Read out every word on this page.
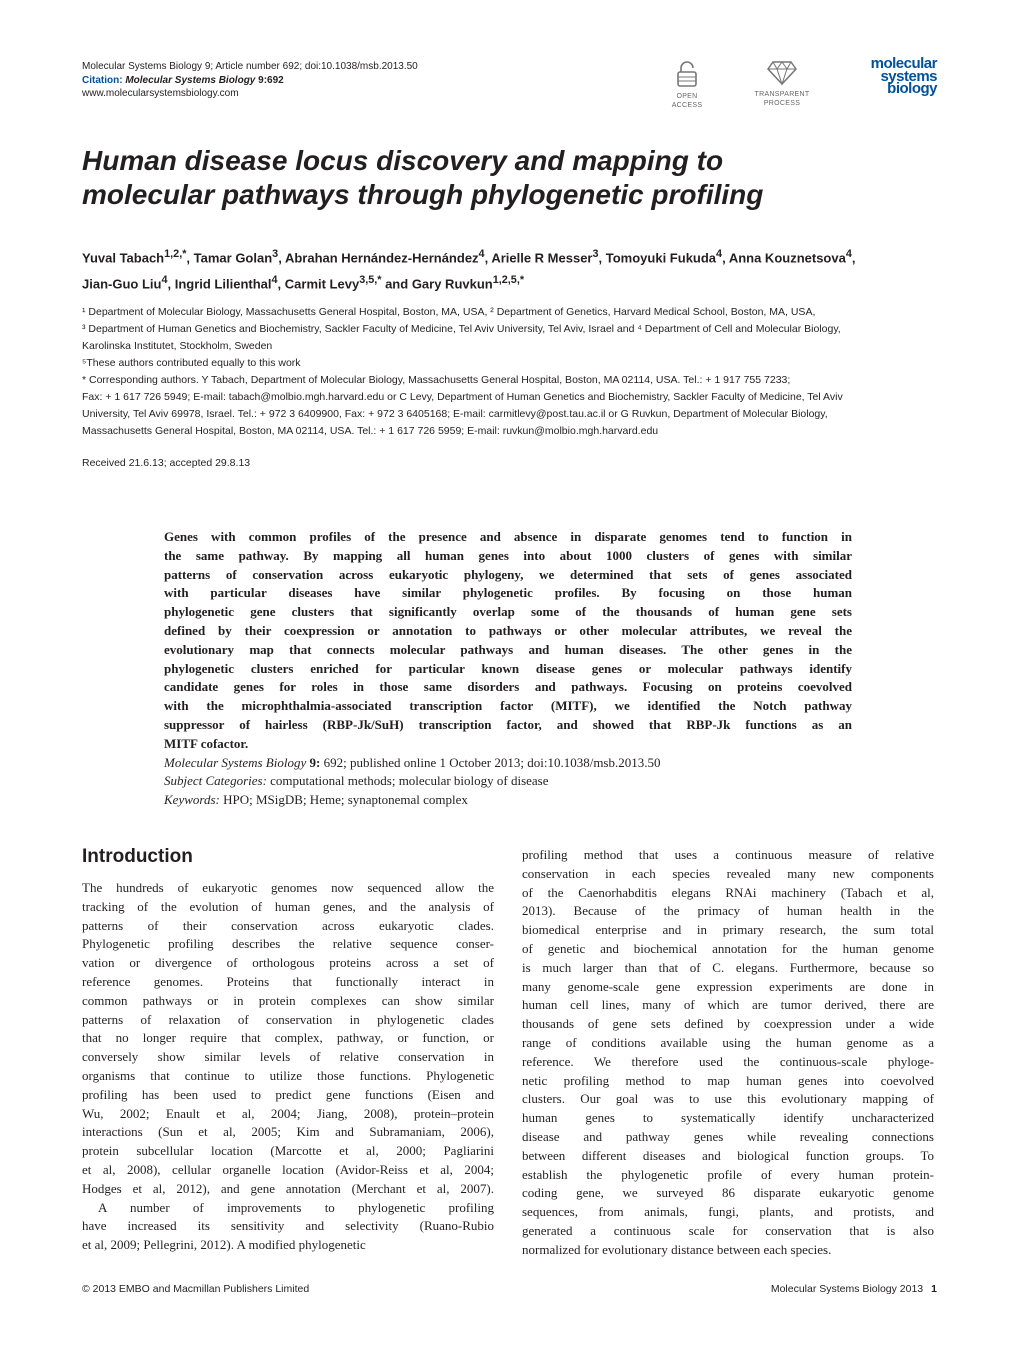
Molecular Systems Biology 9; Article number 692; doi:10.1038/msb.2013.50
Citation: Molecular Systems Biology 9:692
www.molecularsystemsbiology.com	OPEN
ACCESS
TRANSPARENT
PROCESS
molecular
systems
biology
Human disease locus discovery and mapping to
molecular pathways through phylogenetic profiling
Yuval Tabach$^{1,2,*}$, Tamar Golan$^3$, Abrahan Hernández-Hernández$^4$, Arielle R Messer$^3$, Tomoyuki Fukuda$^4$, Anna Kouznetsova$^4$,
Jian-Guo Liu$^4$, Ingrid Lilienthal$^4$, Carmit Levy$^{3,5,*}$ and Gary Ruvkun$^{1,2,5,*}$
¹ Department of Molecular Biology, Massachusetts General Hospital, Boston, MA, USA, ² Department of Genetics, Harvard Medical School, Boston, MA, USA,
³ Department of Human Genetics and Biochemistry, Sackler Faculty of Medicine, Tel Aviv University, Tel Aviv, Israel and ⁴ Department of Cell and Molecular Biology,
Karolinska Institutet, Stockholm, Sweden
⁵These authors contributed equally to this work
* Corresponding authors. Y Tabach, Department of Molecular Biology, Massachusetts General Hospital, Boston, MA 02114, USA. Tel.: + 1 917 755 7233;
Fax: + 1 617 726 5949; E-mail: tabach@molbio.mgh.harvard.edu or C Levy, Department of Human Genetics and Biochemistry, Sackler Faculty of Medicine, Tel Aviv
University, Tel Aviv 69978, Israel. Tel.: + 972 3 6409900, Fax: + 972 3 6405168; E-mail: carmitlevy@post.tau.ac.il or G Ruvkun, Department of Molecular Biology,
Massachusetts General Hospital, Boston, MA 02114, USA. Tel.: + 1 617 726 5959; E-mail: ruvkun@molbio.mgh.harvard.edu
Received 21.6.13; accepted 29.8.13
Genes with common profiles of the presence and absence in disparate genomes tend to function in
the same pathway. By mapping all human genes into about 1000 clusters of genes with similar
patterns of conservation across eukaryotic phylogeny, we determined that sets of genes associated
with particular diseases have similar phylogenetic profiles. By focusing on those human
phylogenetic gene clusters that significantly overlap some of the thousands of human gene sets
defined by their coexpression or annotation to pathways or other molecular attributes, we reveal the
evolutionary map that connects molecular pathways and human diseases. The other genes in the
phylogenetic clusters enriched for particular known disease genes or molecular pathways identify
candidate genes for roles in those same disorders and pathways. Focusing on proteins coevolved
with the microphthalmia-associated transcription factor (MITF), we identified the Notch pathway
suppressor of hairless (RBP-Jk/SuH) transcription factor, and showed that RBP-Jk functions as an
MITF cofactor.
Molecular Systems Biology 9: 692; published online 1 October 2013; doi:10.1038/msb.2013.50
Subject Categories: computational methods; molecular biology of disease
Keywords: HPO; MSigDB; Heme; synaptonemal complex
Introduction
The hundreds of eukaryotic genomes now sequenced allow the
tracking of the evolution of human genes, and the analysis of
patterns of their conservation across eukaryotic clades.
Phylogenetic profiling describes the relative sequence conser-
vation or divergence of orthologous proteins across a set of
reference genomes. Proteins that functionally interact in
common pathways or in protein complexes can show similar
patterns of relaxation of conservation in phylogenetic clades
that no longer require that complex, pathway, or function, or
conversely show similar levels of relative conservation in
organisms that continue to utilize those functions. Phylogenetic
profiling has been used to predict gene functions (Eisen and
Wu, 2002; Enault et al, 2004; Jiang, 2008), protein–protein
interactions (Sun et al, 2005; Kim and Subramaniam, 2006),
protein subcellular location (Marcotte et al, 2000; Pagliarini
et al, 2008), cellular organelle location (Avidor-Reiss et al, 2004;
Hodges et al, 2012), and gene annotation (Merchant et al, 2007).
A number of improvements to phylogenetic profiling
have increased its sensitivity and selectivity (Ruano-Rubio
et al, 2009; Pellegrini, 2012). A modified phylogenetic
profiling method that uses a continuous measure of relative
conservation in each species revealed many new components
of the Caenorhabditis elegans RNAi machinery (Tabach et al,
2013). Because of the primacy of human health in the
biomedical enterprise and in primary research, the sum total
of genetic and biochemical annotation for the human genome
is much larger than that of C. elegans. Furthermore, because so
many genome-scale gene expression experiments are done in
human cell lines, many of which are tumor derived, there are
thousands of gene sets defined by coexpression under a wide
range of conditions available using the human genome as a
reference. We therefore used the continuous-scale phyloge-
netic profiling method to map human genes into coevolved
clusters. Our goal was to use this evolutionary mapping of
human genes to systematically identify uncharacterized
disease and pathway genes while revealing connections
between different diseases and biological function groups. To
establish the phylogenetic profile of every human protein-
coding gene, we surveyed 86 disparate eukaryotic genome
sequences, from animals, fungi, plants, and protists, and
generated a continuous scale for conservation that is also
normalized for evolutionary distance between each species.
© 2013 EMBO and Macmillan Publishers Limited	Molecular Systems Biology 2013 1
